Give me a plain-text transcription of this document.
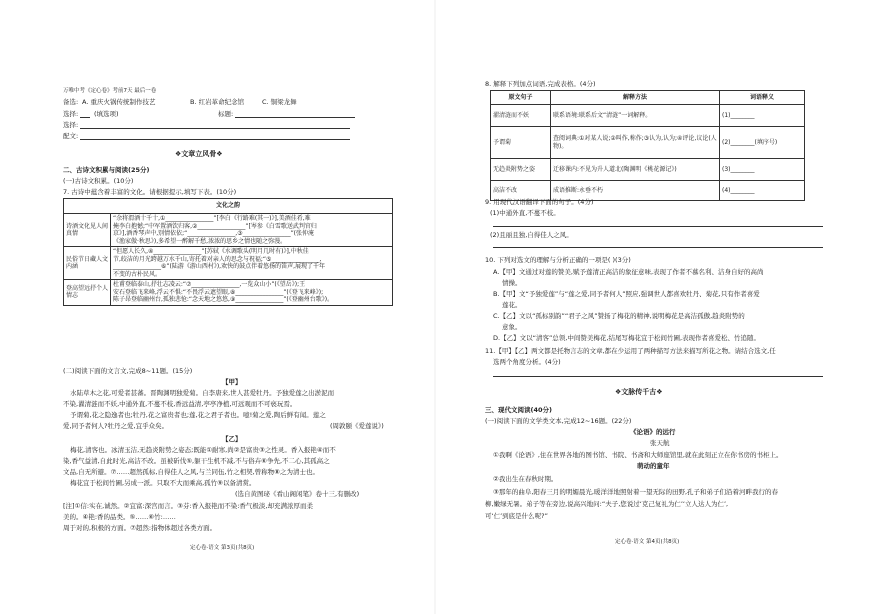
万唯中考《定心卷》考前7天 最后一卷
备选: A. 重庆火锅传统制作技艺	B. 红岩革命纪念馆	C. 铜梁龙舞
选择: (填选项)	标题:
选择:
配文:
❖文章立风骨❖
二、古诗文积累与阅读(25分)
(一)古诗文积累。(10分)
7. 古诗中蕴含着丰富的文化。请根据提示,填写下表。(10分)
文化之韵	
诗酒文化见人间真情	“余将渭酒十千十,①________________”[李白《行路难(其一)》],美酒佳肴,难
掩李白抱憾;“中军置酒饮归客,②________________”[岑参《白雪歌送武判官归
京》],酒香琴声中,别情依依;“________________,③________________”(张仲淹
《渔家傲·秋思》),多希望一醉解千愁,浓浓的思乡之情也随之弥漫。

民俗节日藏人文内涵	“但愿人长久,④________________”[苏轼《水调歌头(明月几时有)》],中秋佳
节,皎洁的月光跨越万水千山,寄托着对亲人的思念与祝福;“⑤________________,
________________⑥”(陆游《游山西村》),欢快的鼓点伴着悠扬的笛声,展现了千年
不变的古朴民风。

登高望远抒个人情志	杜甫登临泰山,抒壮志凌云:“⑦________________,一览众山小”(《望岳》);王
安石登临飞来峰,浮云不惧:“不畏浮云遮望眼,⑧________________”(《登飞来峰》);
陈子昂登临幽州台,孤独悲怆:“念天地之悠悠,⑨________________”(《登幽州台歌》)。
(二)阅读下面的文言文,完成8~11题。(15分)
【甲】
水陆草木之花,可爱者甚蕃。晋陶渊明独爱菊。自李唐来,世人甚爱牡丹。予独爱莲之出淤泥而
不染,濯清涟而不妖,中通外直,不蔓不枝,香远益清,亭亭净植,可远观而不可亵玩焉。
予谓菊,花之隐逸者也;牡丹,花之富贵者也;莲,花之君子者也。噫!菊之爱,陶后鲜有闻。莲之
爱,同予者何人?牡丹之爱,宜乎众矣。	(周敦颐《爱莲说》)
【乙】
梅花,清客也。冰清玉洁,无趋炎附势之姿态;既能①耐寒,尚②是富贵③之性灵。香入报艳④而不
染,香气益清,自此时光,高洁不改。虽被斫伐⑤,躯干生机不减,不与俗卉⑥争先,不二心,其孤高之
文品,自无所避。⑦……超然孤标,自得佳人之风,与兰同伍,竹之相契,曾称物⑧之为清士也。
梅花宜于松间竹圃,另成一派。只取不大而乘高,孤竹⑨以备清赏。
(选自黄图珌《看山阁闲笔》卷十三,有删改)
[注]①信:实在,诚然。②宜富:深宫而言。③芬:香入报艳而不染:香气极淡,却充满浓厚而柔
美的。④艳:香的品类。⑤……⑥竹:……
周于对的,积极的方面。⑦超然:指物体超过各类方面。
定心卷·语文 第3页(共8页)
8. 解释下列加点词语,完成表格。(4分)
原文句子	解释方法	词语释义
濯清涟而不妖	联系语境:联系后文“清涟”一词解释。	(1)________
予谓菊	查阅词典:①对某人说;②叫作,称作;③认为,认为;④评论,议论(人物)。	(2)________(填序号)
无趋炎附势之姿	迁移课内:不见为升人道北(陶渊明《桃花源记》)	(3)________
高洁不改	成语推断:永垂不朽	(4)________
9. 用现代汉语翻译下面的句子。(4分)
(1)中通外直,不蔓不枝。
(2)且丽且独,自得佳人之风。
10. 下列对选文的理解与分析正确的一项是( )(3分)
A.【甲】文通过对莲的赞美,赋予莲清正高洁的象征意味,表现了作者不慕名利、洁身自好的高尚
情操。
B.【甲】文“予独爱莲”与“莲之爱,同予者何人”照应,强调世人都喜欢牡丹、菊花,只有作者喜爱
莲花。
C.【乙】文以“孤标别韵”“君子之风”赞扬了梅花的精神,说明梅花是高洁孤傲,趋炎附势的
意象。
D.【乙】文以“清客”总领,中间赞美梅花,结尾写梅花宜于松间竹圃,表现作者喜爱松、竹追随。
11.【甲】【乙】两文都是托物言志的文章,都在少运用了两种描写方法来描写所花之物。请结合选文,任
选两个角度分析。(4分)
❖文脉传千古❖
三、现代文阅读(40分)
(一)阅读下面的文学类文本,完成12~16题。(22分)
《论语》的远行
张天航
①我啊《论语》,住在世界各地的图书馆、书院、书斋和大师座馆里,就在此刻正立在你书房的书柜上。
萌动的童年
②我出生在春秋时期。
③那年的曲阜,阳春三月的明媚晨光,暖洋洋地照射着一望无际的田野,孔子和弟子们沿着河畔我行的春
柳,嫩绿无暑。弟子等在旁边,说高兴地问:“夫子,您说过‘克己复礼为仁’‘立人达人为仁’,
可‘仁’到底是什么呢?”
定心卷·语文 第4页(共8页)
